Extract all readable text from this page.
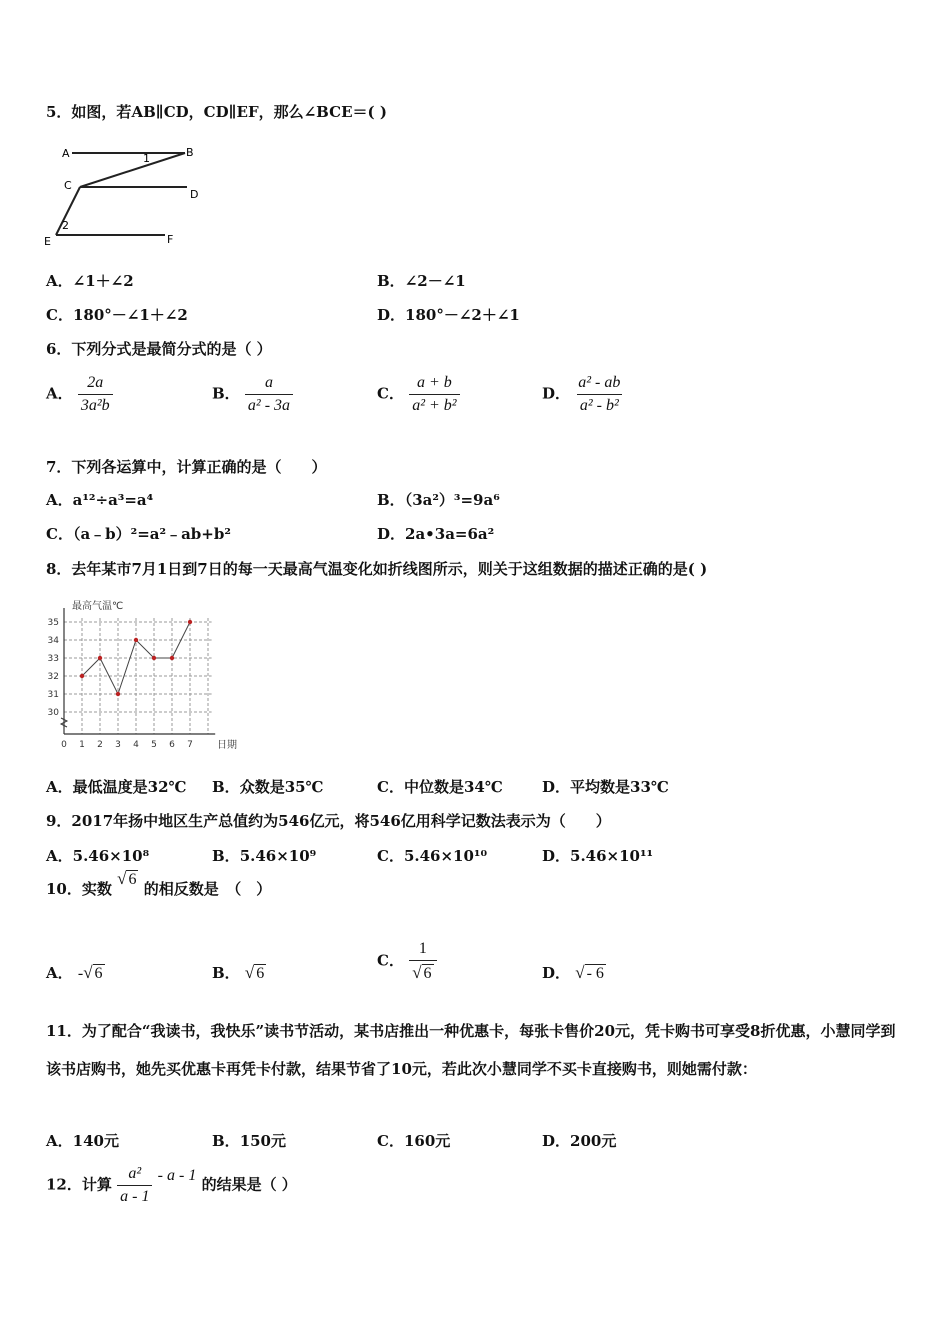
5．如图，若AB∥CD，CD∥EF，那么∠BCE＝( )
A	B
C
D
E	F
1
2
A．∠1＋∠2	B．∠2－∠1
C．180°－∠1＋∠2	D．180°－∠2＋∠1
6．下列分式是最简分式的是（ ）
A． $\frac{2a}{\text{3a²b}}$	B． $\frac{a}{\text{a² - 3a}}$	C． $\frac{a + b}{\text{a² + b²}}$	D． $\frac{\text{a² - ab}}{\text{a² - b²}}$
7．下列各运算中，计算正确的是（　　）
A．a¹²÷a³=a⁴	B．（3a²）³=9a⁶
C．（a﹣b）²=a²﹣ab+b²	D．2a•3a=6a²
8．去年某市7月1日到7日的每一天最高气温变化如折线图所示，则关于这组数据的描述正确的是( )
30
31
32
33
34
35
0 1 2 3 4 5 6 7
最高气温℃
日期
A．最低温度是32℃ B．众数是35℃	C．中位数是34℃	D．平均数是33℃
9．2017年扬中地区生产总值约为546亿元，将546亿用科学记数法表示为（　　）
A．5.46×10⁸	B．5.46×10⁹	C．5.46×10¹⁰	D．5.46×10¹¹
10．实数 √ 6 的相反数是　（　）
A． -√ 6	B． √ 6
C． $\frac{1}{√ 6}$	D． √ - 6
11．为了配合“我读书，我快乐”读书节活动，某书店推出一种优惠卡，每张卡售价20元，凭卡购书可享受8折优惠，小慧同学到该书店购书，她先买优惠卡再凭卡付款，结果节省了10元，若此次小慧同学不买卡直接购书，则她需付款：
A．140元	B．150元	C．160元	D．200元
12．计算 $\frac{\text{a²}}{a - 1}$ - a - 1 的结果是（ ）
